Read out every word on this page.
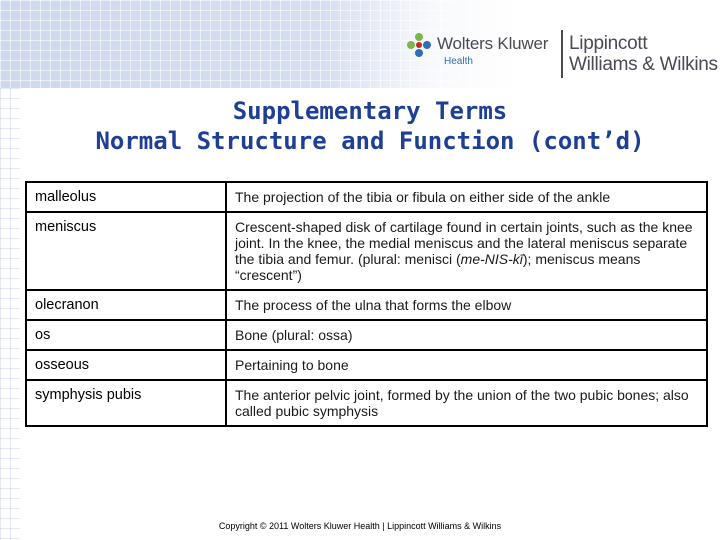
Wolters Kluwer
Health
Lippincott
Williams & Wilkins
Supplementary Terms
Normal Structure and Function (cont’d)
malleolus	The projection of the tibia or fibula on either side of the ankle
meniscus	Crescent-shaped disk of cartilage found in certain joints, such as the knee joint. In the knee, the medial meniscus and the lateral meniscus separate the tibia and femur. (plural: menisci (me-NIS-kī); meniscus means “crescent”)
olecranon	The process of the ulna that forms the elbow
os	Bone (plural: ossa)
osseous	Pertaining to bone
symphysis pubis	The anterior pelvic joint, formed by the union of the two pubic bones; also called pubic symphysis
Copyright © 2011 Wolters Kluwer Health | Lippincott Williams & Wilkins
